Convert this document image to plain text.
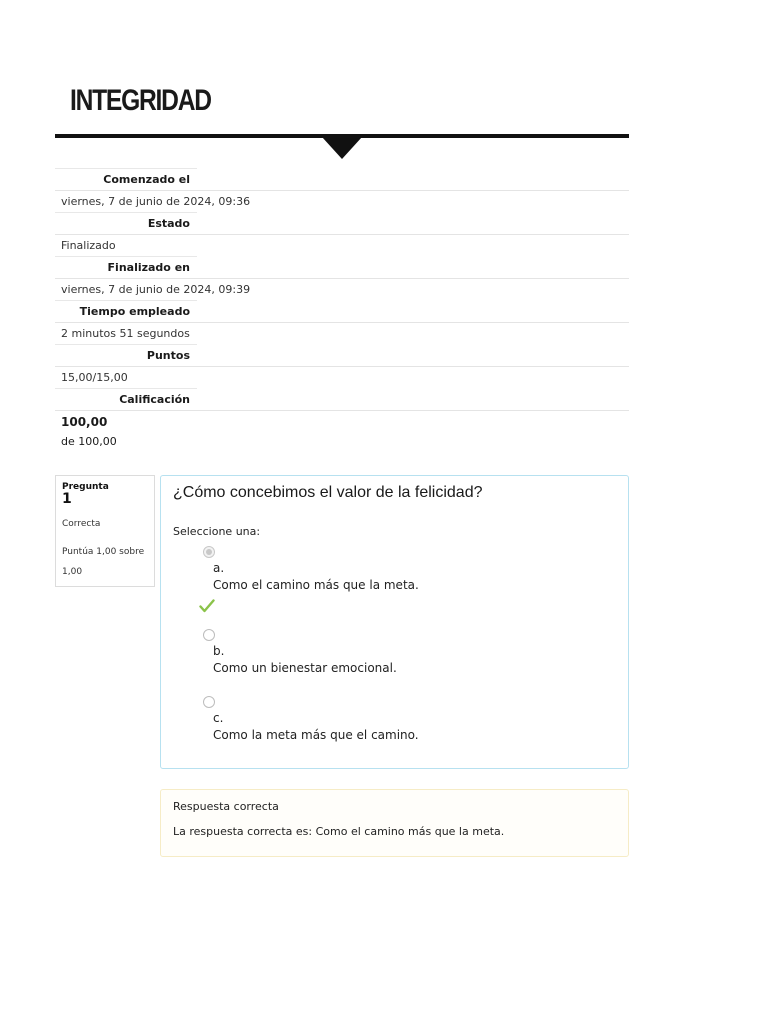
INTEGRIDAD
Comenzado el
viernes, 7 de junio de 2024, 09:36
Estado
Finalizado
Finalizado en
viernes, 7 de junio de 2024, 09:39
Tiempo empleado
2 minutos 51 segundos
Puntos
15,00/15,00
Calificación
100,00
de 100,00
Pregunta
1
Correcta
Puntúa 1,00 sobre 1,00
¿Cómo concebimos el valor de la felicidad?
Seleccione una:
a.
Como el camino más que la meta.
b.
Como un bienestar emocional.
c.
Como la meta más que el camino.
Respuesta correcta
La respuesta correcta es: Como el camino más que la meta.
